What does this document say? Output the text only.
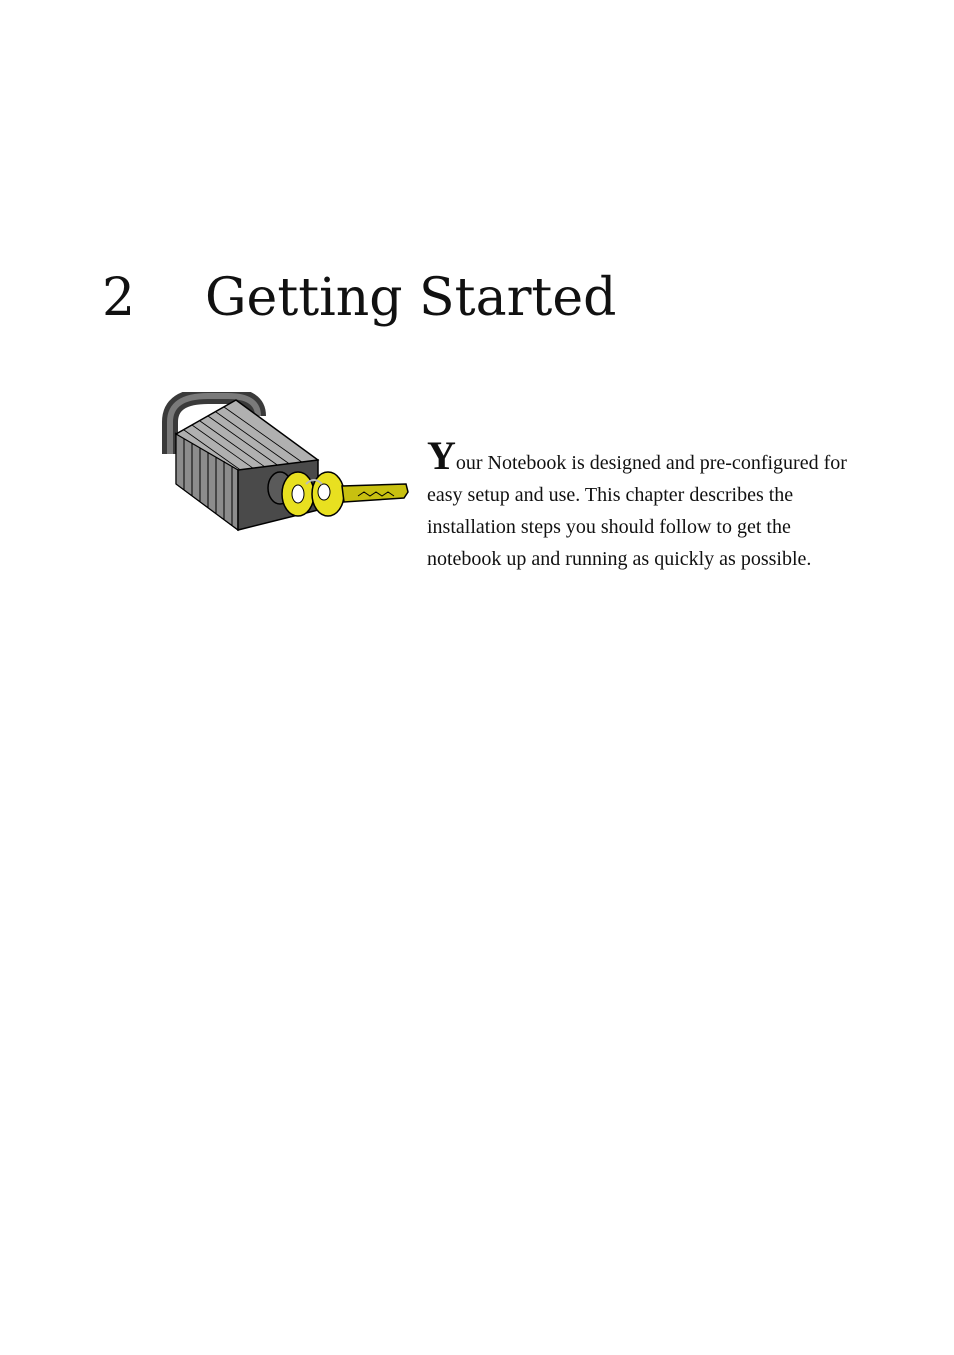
2 Getting Started
Your Notebook is designed and pre-configured for
easy setup and use. This chapter describes the
installation steps you should follow to get the
notebook up and running as quickly as possible.
